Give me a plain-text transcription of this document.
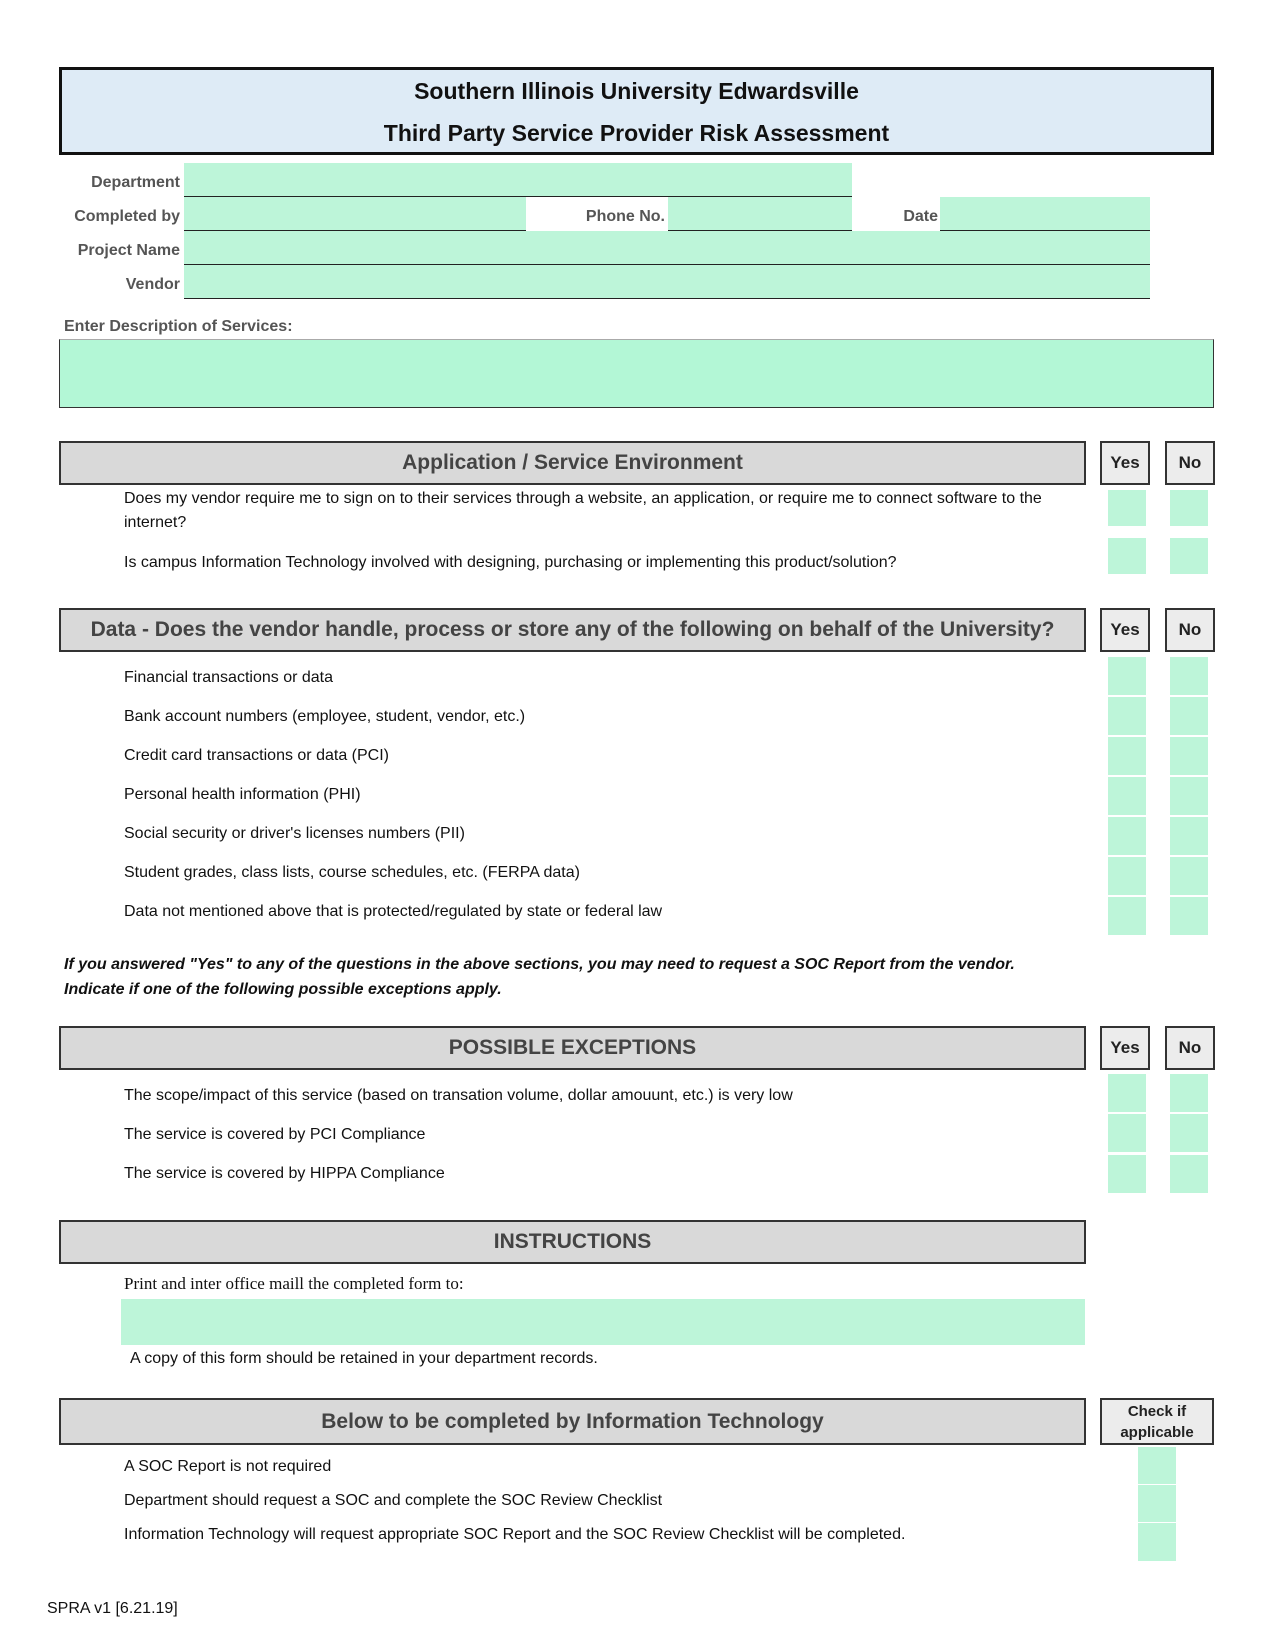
Southern Illinois University Edwardsville
Third Party Service Provider Risk Assessment
Department
Completed by	Phone No.	Date
Project Name
Vendor
Enter Description of Services:
Application / Service Environment	Yes	No
Does my vendor require me to sign on to their services through a website, an application, or require me to connect software to the internet?
Is campus Information Technology involved with designing, purchasing or implementing this product/solution?
Data - Does the vendor handle, process or store any of the following on behalf of the University?	Yes	No
Financial transactions or data
Bank account numbers (employee, student, vendor, etc.)
Credit card transactions or data (PCI)
Personal health information (PHI)
Social security or driver's licenses numbers (PII)
Student grades, class lists, course schedules, etc. (FERPA data)
Data not mentioned above that is protected/regulated by state or federal law
If you answered "Yes" to any of the questions in the above sections, you may need to request a SOC Report from the vendor.
Indicate if one of the following possible exceptions apply.
POSSIBLE EXCEPTIONS	Yes	No
The scope/impact of this service (based on transation volume, dollar amouunt, etc.) is very low
The service is covered by PCI Compliance
The service is covered by HIPPA Compliance
INSTRUCTIONS
Print and inter office maill the completed form to:
A copy of this form should be retained in your department records.
Below to be completed by Information Technology	Check if
applicable
A SOC Report is not required
Department should request a SOC and complete the SOC Review Checklist
Information Technology will request appropriate SOC Report and the SOC Review Checklist will be completed.
SPRA v1 [6.21.19]
